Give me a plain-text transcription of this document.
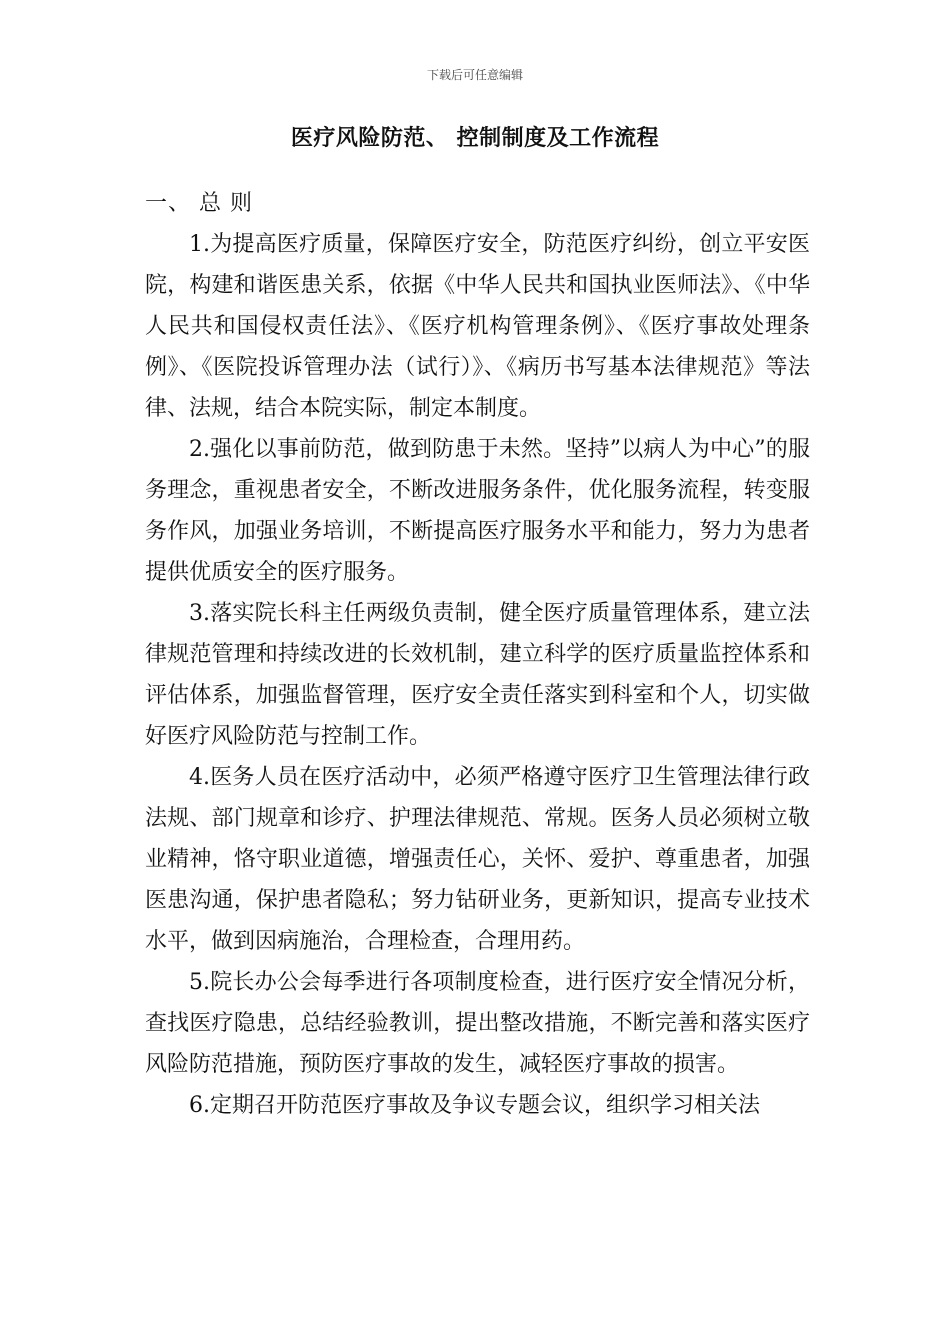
下载后可任意编辑
医疗风险防范、 控制制度及工作流程
一、 总 则

1.为提高医疗质量，保障医疗安全，防范医疗纠纷，创立平安医院，构建和谐医患关系，依据《中华人民共和国执业医师法》、《中华人民共和国侵权责任法》、《医疗机构管理条例》、《医疗事故处理条例》、《医院投诉管理办法（试行）》、《病历书写基本法律规范》等法律、法规，结合本院实际，制定本制度。

2.强化以事前防范，做到防患于未然。坚持”以病人为中心”的服务理念，重视患者安全，不断改进服务条件，优化服务流程，转变服务作风，加强业务培训，不断提高医疗服务水平和能力，努力为患者提供优质安全的医疗服务。

3.落实院长科主任两级负责制，健全医疗质量管理体系，建立法律规范管理和持续改进的长效机制，建立科学的医疗质量监控体系和评估体系，加强监督管理，医疗安全责任落实到科室和个人，切实做好医疗风险防范与控制工作。

4.医务人员在医疗活动中，必须严格遵守医疗卫生管理法律行政法规、部门规章和诊疗、护理法律规范、常规。医务人员必须树立敬业精神，恪守职业道德，增强责任心，关怀、爱护、尊重患者，加强医患沟通，保护患者隐私；努力钻研业务，更新知识，提高专业技术水平，做到因病施治，合理检查，合理用药。

5.院长办公会每季进行各项制度检查，进行医疗安全情况分析，查找医疗隐患，总结经验教训，提出整改措施，不断完善和落实医疗风险防范措施，预防医疗事故的发生，减轻医疗事故的损害。

6.定期召开防范医疗事故及争议专题会议，组织学习相关法
